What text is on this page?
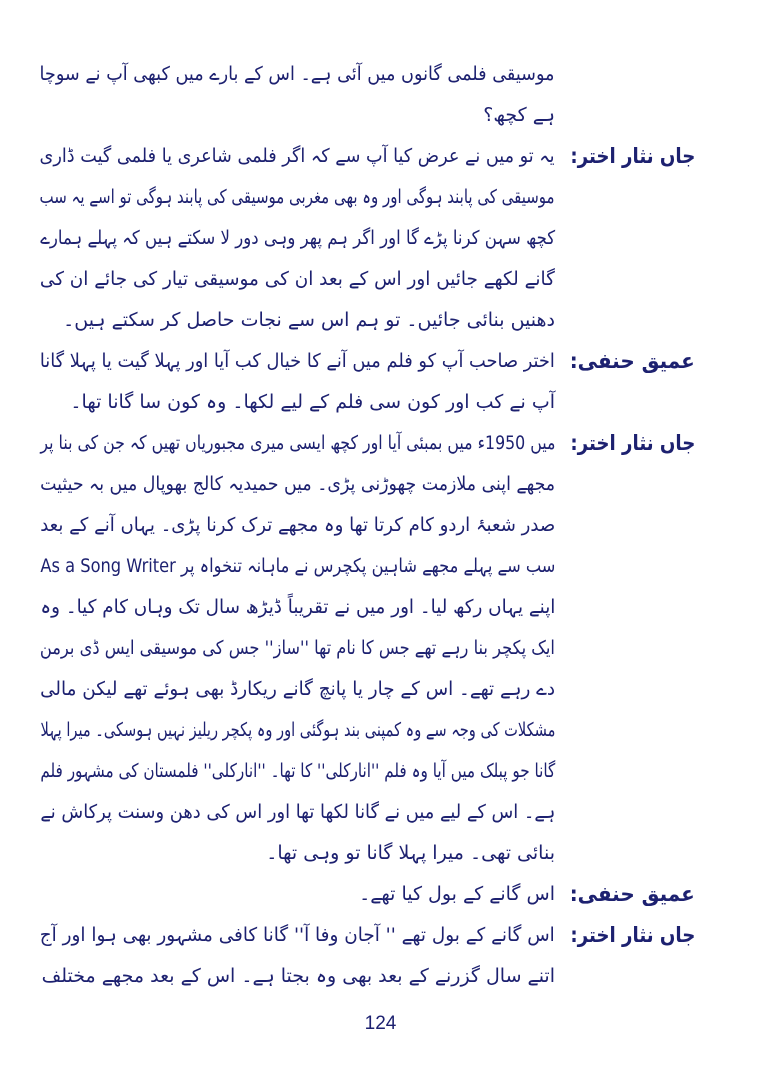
موسیقی فلمی گانوں میں آئی ہے۔ اس کے بارے میں کبھی آپ نے سوچا
ہے کچھ؟
جاں نثار اختر:
یہ تو میں نے عرض کیا آپ سے کہ اگر فلمی شاعری یا فلمی گیت ڈاری
موسیقی کی پابند ہوگی اور وہ بھی مغربی موسیقی کی پابند ہوگی تو اسے یہ سب
کچھ سہن کرنا پڑے گا اور اگر ہم پھر وہی دور لا سکتے ہیں کہ پہلے ہمارے
گانے لکھے جائیں اور اس کے بعد ان کی موسیقی تیار کی جائے ان کی
دھنیں بنائی جائیں۔ تو ہم اس سے نجات حاصل کر سکتے ہیں۔
عمیق حنفی:
اختر صاحب آپ کو فلم میں آنے کا خیال کب آیا اور پہلا گیت یا پہلا گانا
آپ نے کب اور کون سی فلم کے لیے لکھا۔ وہ کون سا گانا تھا۔
جاں نثار اختر:
میں 1950ء میں بمبئی آیا اور کچھ ایسی میری مجبوریاں تھیں کہ جن کی بنا پر
مجھے اپنی ملازمت چھوڑنی پڑی۔ میں حمیدیہ کالج بھوپال میں بہ حیثیت
صدر شعبۂ اردو کام کرتا تھا وہ مجھے ترک کرنا پڑی۔ یہاں آنے کے بعد
سب سے پہلے مجھے شاہین پکچرس نے ماہانہ تنخواہ پر As a Song Writer
اپنے یہاں رکھ لیا۔ اور میں نے تقریباً ڈیڑھ سال تک وہاں کام کیا۔ وہ
ایک پکچر بنا رہے تھے جس کا نام تھا ''ساز'' جس کی موسیقی ایس ڈی برمن
دے رہے تھے۔ اس کے چار یا پانچ گانے ریکارڈ بھی ہوئے تھے لیکن مالی
مشکلات کی وجہ سے وہ کمپنی بند ہوگئی اور وہ پکچر ریلیز نہیں ہوسکی۔ میرا پہلا
گانا جو پبلک میں آیا وہ فلم ''انارکلی'' کا تھا۔ ''انارکلی'' فلمستان کی مشہور فلم
ہے۔ اس کے لیے میں نے گانا لکھا تھا اور اس کی دھن وسنت پرکاش نے
بنائی تھی۔ میرا پہلا گانا تو وہی تھا۔
عمیق حنفی:
اس گانے کے بول کیا تھے۔
جاں نثار اختر:
اس گانے کے بول تھے '' آجان وفا آ'' گانا کافی مشہور بھی ہوا اور آج
اتنے سال گزرنے کے بعد بھی وہ بجتا ہے۔ اس کے بعد مجھے مختلف
124
